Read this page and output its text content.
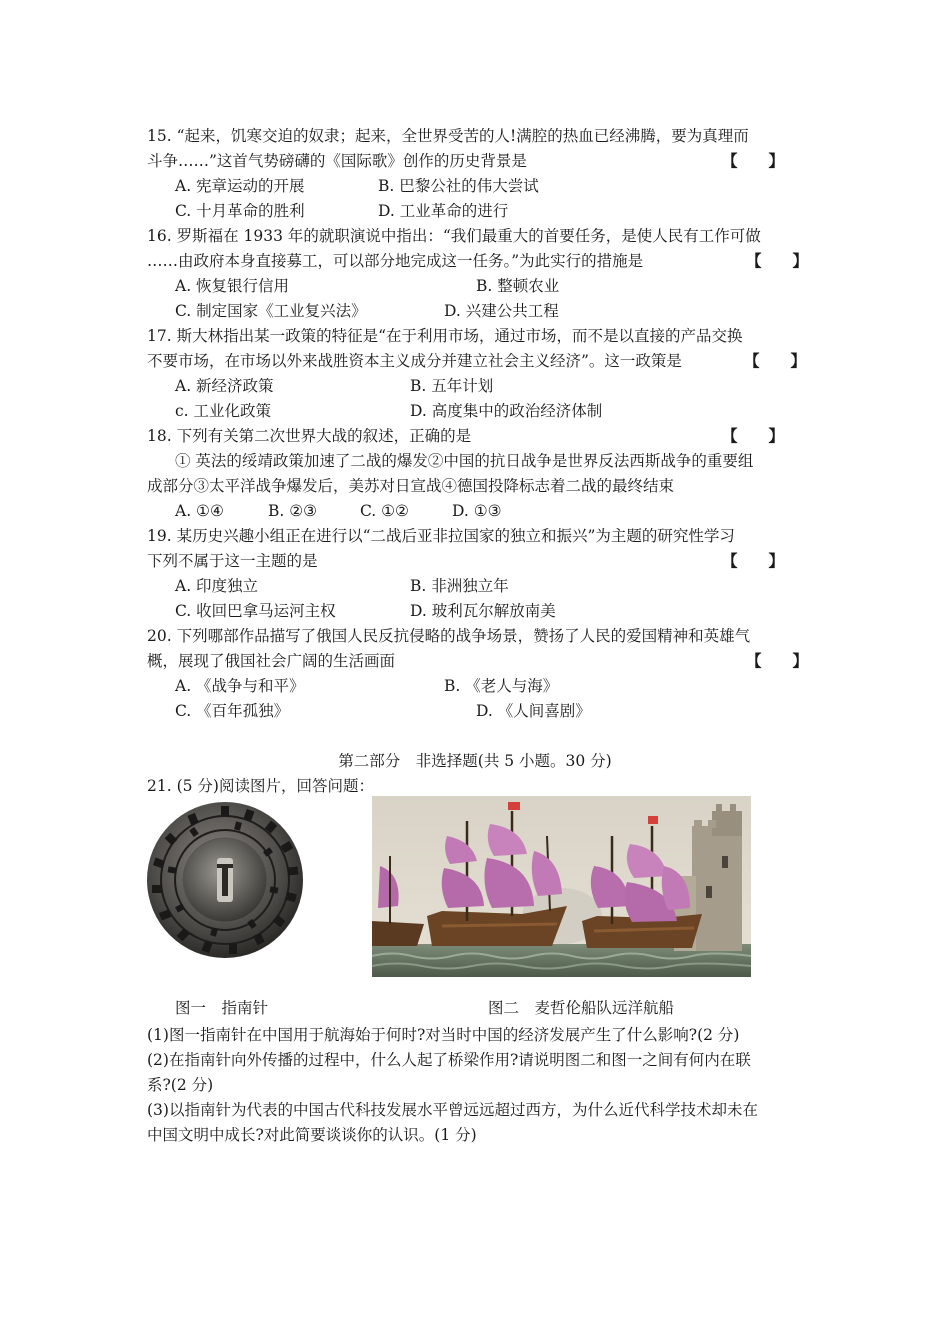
15. “起来，饥寒交迫的奴隶；起来，全世界受苦的人!满腔的热血已经沸腾，要为真理而
斗争……”这首气势磅礴的《国际歌》创作的历史背景是	【　　】
A. 宪章运动的开展	B. 巴黎公社的伟大尝试
C. 十月革命的胜利	D. 工业革命的进行
16. 罗斯福在 1933 年的就职演说中指出：“我们最重大的首要任务，是使人民有工作可做
……由政府本身直接募工，可以部分地完成这一任务。”为此实行的措施是	【　　】
A. 恢复银行信用	B. 整顿农业
C. 制定国家《工业复兴法》	D. 兴建公共工程
17. 斯大林指出某一政策的特征是“在于利用市场，通过市场，而不是以直接的产品交换
不要市场，在市场以外来战胜资本主义成分并建立社会主义经济”。这一政策是	【　　】
A. 新经济政策	B. 五年计划
c. 工业化政策	D. 高度集中的政治经济体制
18. 下列有关第二次世界大战的叙述，正确的是	【　　】
① 英法的绥靖政策加速了二战的爆发②中国的抗日战争是世界反法西斯战争的重要组
成部分③太平洋战争爆发后，美苏对日宣战④德国投降标志着二战的最终结束
A. ①④	B. ②③	C. ①②	D. ①③
19. 某历史兴趣小组正在进行以“二战后亚非拉国家的独立和振兴”为主题的研究性学习
下列不属于这一主题的是	【　　】
A. 印度独立	B. 非洲独立年
C. 收回巴拿马运河主权	D. 玻利瓦尔解放南美
20. 下列哪部作品描写了俄国人民反抗侵略的战争场景，赞扬了人民的爱国精神和英雄气
概，展现了俄国社会广阔的生活画面	【　　】
A. 《战争与和平》	B. 《老人与海》
C. 《百年孤独》	D. 《人间喜剧》
第二部分　非选择题(共 5 小题。30 分)
21. (5 分)阅读图片，回答问题：
图一　指南针	图二　麦哲伦船队远洋航船
(1)图一指南针在中国用于航海始于何时?对当时中国的经济发展产生了什么影响?(2 分)
(2)在指南针向外传播的过程中，什么人起了桥梁作用?请说明图二和图一之间有何内在联
系?(2 分)
(3)以指南针为代表的中国古代科技发展水平曾远远超过西方，为什么近代科学技术却未在
中国文明中成长?对此简要谈谈你的认识。(1 分)
